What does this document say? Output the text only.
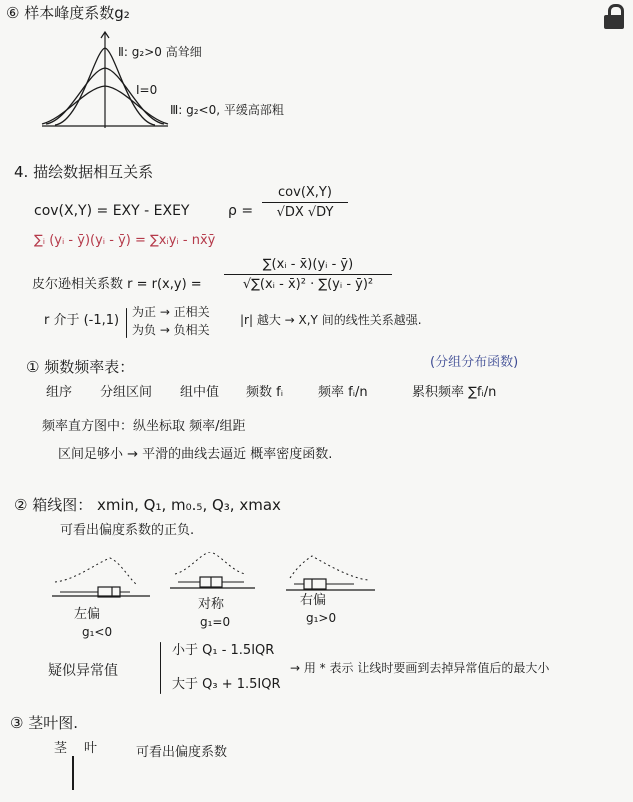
⑥ 样本峰度系数g₂
Ⅱ: g₂>0 高耸细
Ⅰ=0
Ⅲ: g₂<0, 平缓高部粗
4. 描绘数据相互关系
cov(X,Y) = EXY - EXEY	ρ =
cov(X,Y)
√DX √DY
∑ᵢ (yᵢ - ȳ)(yᵢ - ȳ) = ∑xᵢyᵢ - nx̄ȳ
皮尔逊相关系数 r = r(x,y) =
∑(xᵢ - x̄)(yᵢ - ȳ)
√∑(xᵢ - x̄)² · ∑(yᵢ - ȳ)²
r 介于 (-1,1)
为正 → 正相关
为负 → 负相关
|r| 越大 → X,Y 间的线性关系越强.
① 频数频率表：	(分组分布函数)
组序 分组区间 组中值 频数 fᵢ	频率 fᵢ/n	累积频率 ∑fᵢ/n
频率直方图中：纵坐标取 频率/组距
区间足够小 → 平滑的曲线去逼近 概率密度函数.
② 箱线图： xmin, Q₁, m₀.₅, Q₃, xmax
可看出偏度系数的正负.
左偏
g₁<0
对称
g₁=0
右偏
g₁>0
疑似异常值
小于 Q₁ - 1.5IQR
大于 Q₃ + 1.5IQR
→ 用 * 表示 让线时要画到去掉异常值后的最大小
③ 茎叶图.
茎 叶	可看出偏度系数
